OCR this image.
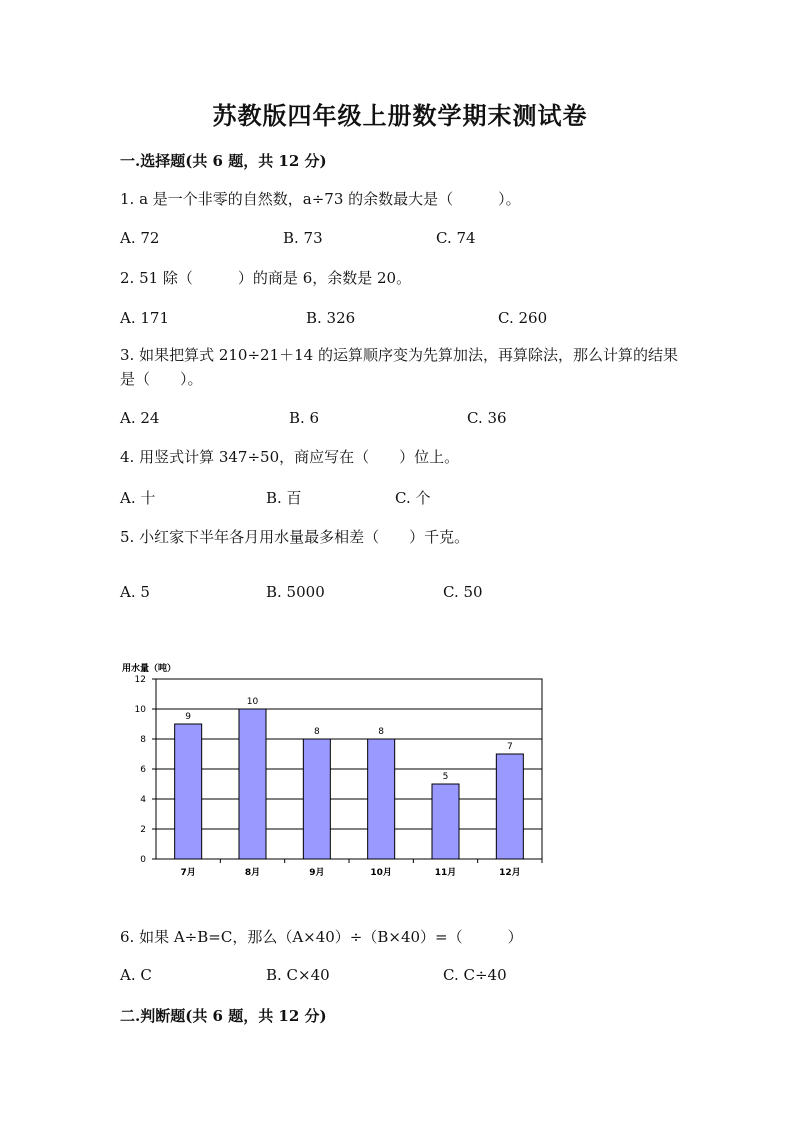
苏教版四年级上册数学期末测试卷
一.选择题(共 6 题，共 12 分)
1. a 是一个非零的自然数，a÷73 的余数最大是（　　　）。
A. 72	B. 73	C. 74
2. 51 除（　　　）的商是 6，余数是 20。
A. 171	B. 326	C. 260
3. 如果把算式 210÷21＋14 的运算顺序变为先算加法，再算除法，那么计算的结果是（　　）。
A. 24	B. 6	C. 36
4. 用竖式计算 347÷50，商应写在（　　）位上。
A. 十	B. 百	C. 个
5. 小红家下半年各月用水量最多相差（　　）千克。
A. 5	B. 5000	C. 50
用水量（吨）
9
10
8	8
5
7
0
2
4
6
8
10
12
7月	8月	9月	10月	11月	12月
6. 如果 A÷B=C，那么（A×40）÷（B×40）=（　　　）
A. C	B. C×40	C. C÷40
二.判断题(共 6 题，共 12 分)
